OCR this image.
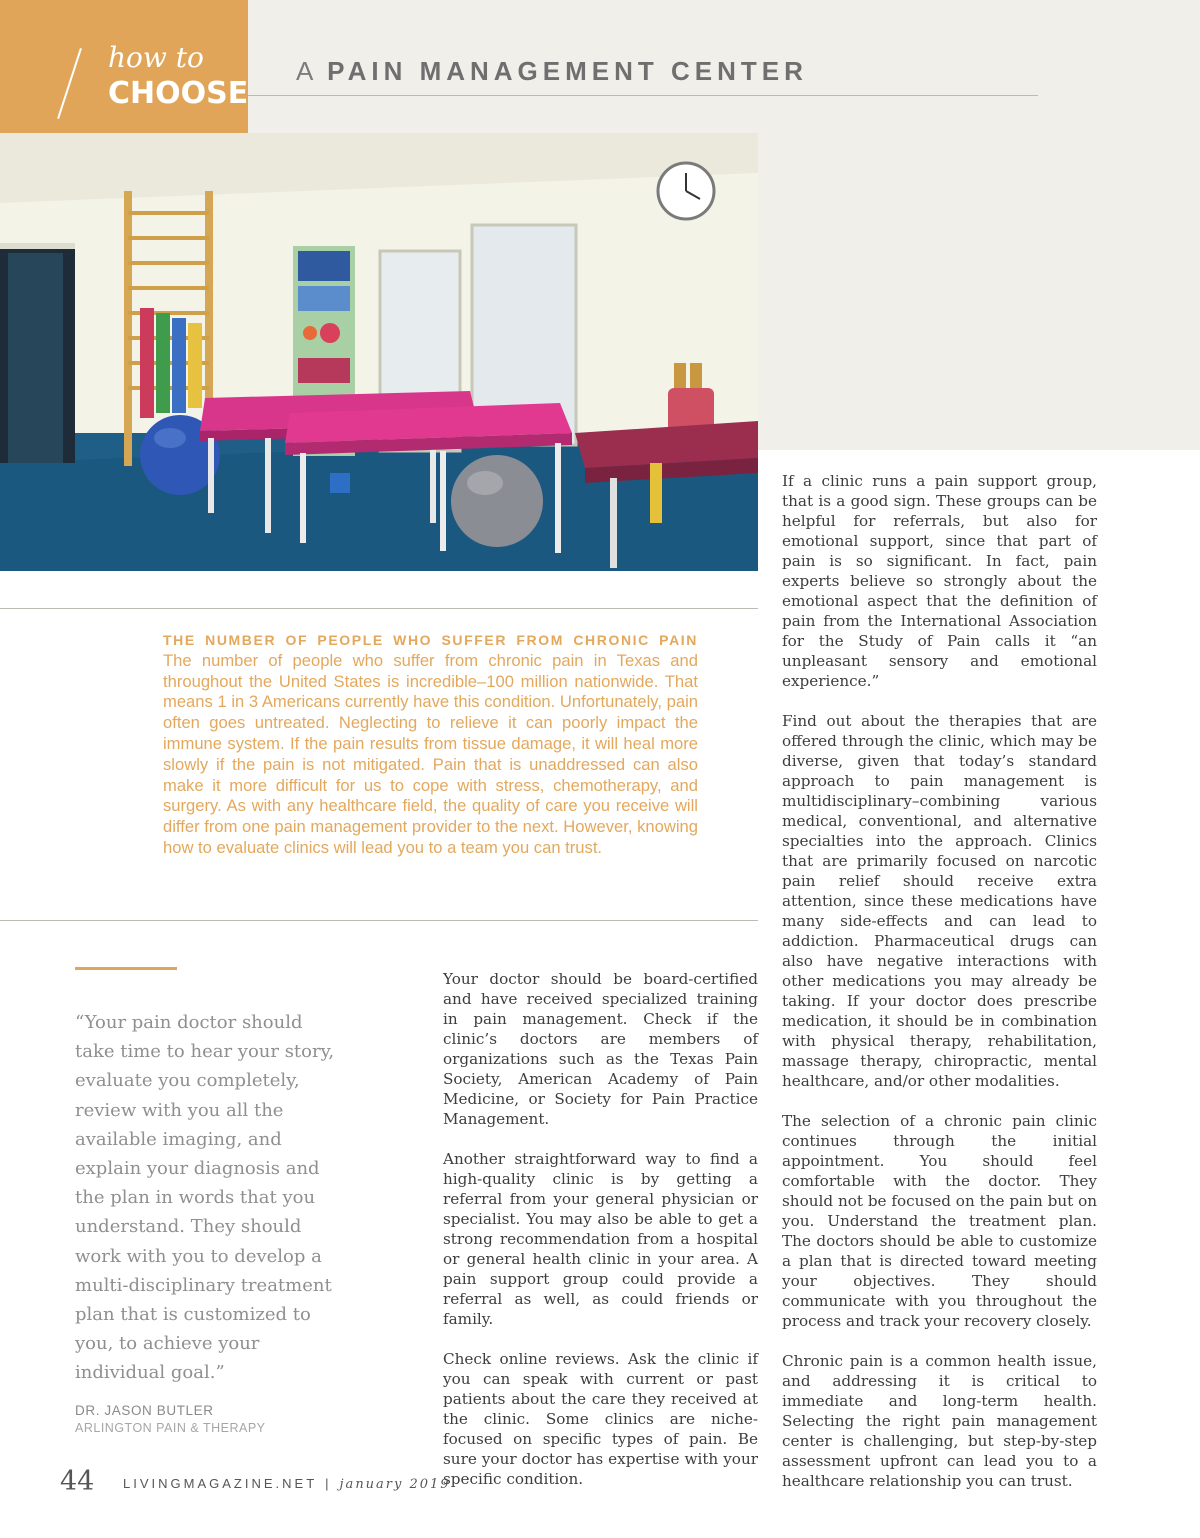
how to
CHOOSE
A PAIN MANAGEMENT CENTER
THE NUMBER OF PEOPLE WHO SUFFER FROM CHRONIC PAIN The number of people who suffer from chronic pain in Texas and throughout the United States is incredible–100 million nationwide. That means 1 in 3 Americans currently have this condition. Unfortunately, pain often goes untreated. Neglecting to relieve it can poorly impact the immune system. If the pain results from tissue damage, it will heal more slowly if the pain is not mitigated. Pain that is unaddressed can also make it more difficult for us to cope with stress, chemotherapy, and surgery. As with any healthcare field, the quality of care you receive will differ from one pain management provider to the next. However, knowing how to evaluate clinics will lead you to a team you can trust.
“Your pain doctor should take time to hear your story, evaluate you completely, review with you all the available imaging, and explain your diagnosis and the plan in words that you understand. They should work with you to develop a multi-disciplinary treatment plan that is customized to you, to achieve your individual goal.”
DR. JASON BUTLER
ARLINGTON PAIN & THERAPY

Your doctor should be board-certified and have received specialized training in pain management. Check if the clinic’s doctors are members of organizations such as the Texas Pain Society, American Academy of Pain Medicine, or Society for Pain Practice Management.

Another straightforward way to find a high-quality clinic is by getting a referral from your general physician or specialist. You may also be able to get a strong recommendation from a hospital or general health clinic in your area. A pain support group could provide a referral as well, as could friends or family.

Check online reviews. Ask the clinic if you can speak with current or past patients about the care they received at the clinic. Some clinics are niche-focused on specific types of pain. Be sure your doctor has expertise with your specific condition.

If a clinic runs a pain support group, that is a good sign. These groups can be helpful for referrals, but also for emotional support, since that part of pain is so significant. In fact, pain experts believe so strongly about the emotional aspect that the definition of pain from the International Association for the Study of Pain calls it “an unpleasant sensory and emotional experience.”

Find out about the therapies that are offered through the clinic, which may be diverse, given that today’s standard approach to pain management is multidisciplinary–combining various medical, conventional, and alternative specialties into the approach. Clinics that are primarily focused on narcotic pain relief should receive extra attention, since these medications have many side-effects and can lead to addiction. Pharmaceutical drugs can also have negative interactions with other medications you may already be taking. If your doctor does prescribe medication, it should be in combination with physical therapy, rehabilitation, massage therapy, chiropractic, mental healthcare, and/or other modalities.

The selection of a chronic pain clinic continues through the initial appointment. You should feel comfortable with the doctor. They should not be focused on the pain but on you. Understand the treatment plan. The doctors should be able to customize a plan that is directed toward meeting your objectives. They should communicate with you throughout the process and track your recovery closely.

Chronic pain is a common health issue, and addressing it is critical to immediate and long-term health. Selecting the right pain management center is challenging, but step-by-step assessment upfront can lead you to a healthcare relationship you can trust.

44 LIVINGMAGAZINE.NET | january 2019
